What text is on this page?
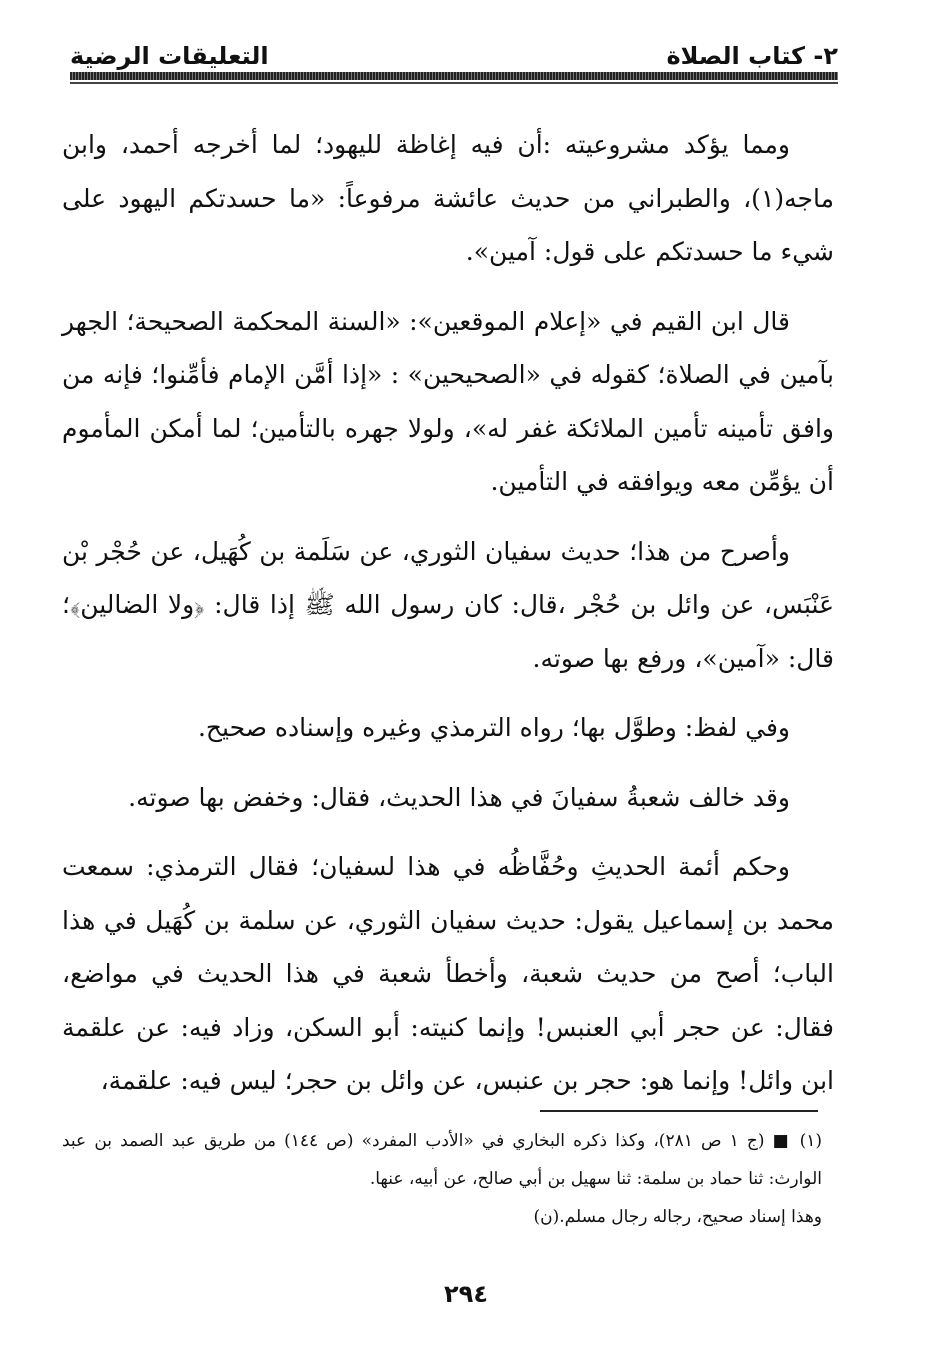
٢- كتاب الصلاة
التعليقات الرضية

ومما يؤكد مشروعيته :أن فيه إغاظة لليهود؛ لما أخرجه أحمد، وابن ماجه(١)، والطبراني من حديث عائشة مرفوعاً: «ما حسدتكم اليهود على شيء ما حسدتكم على قول: آمين».

قال ابن القيم في «إعلام الموقعين»: «السنة المحكمة الصحيحة؛ الجهر بآمين في الصلاة؛ كقوله في «الصحيحين» : «إذا أمَّن الإمام فأمِّنوا؛ فإنه من وافق تأمينه تأمين الملائكة غفر له»، ولولا جهره بالتأمين؛ لما أمكن المأموم أن يؤمِّن معه ويوافقه في التأمين.

وأصرح من هذا؛ حديث سفيان الثوري، عن سَلَمة بن كُهَيل، عن حُجْر بْن عَنْبَس، عن وائل بن حُجْر ،قال: كان رسول الله ﷺ إذا قال: ﴿ولا الضالين﴾؛ قال: «آمين»، ورفع بها صوته.

وفي لفظ: وطوَّل بها؛ رواه الترمذي وغيره وإسناده صحيح.

وقد خالف شعبةُ سفيانَ في هذا الحديث، فقال: وخفض بها صوته.

وحكم أئمة الحديثِ وحُفَّاظُه في هذا لسفيان؛ فقال الترمذي: سمعت محمد بن إسماعيل يقول: حديث سفيان الثوري، عن سلمة بن كُهَيل في هذا الباب؛ أصح من حديث شعبة، وأخطأ شعبة في هذا الحديث في مواضع، فقال: عن حجر أبي العنبس! وإنما كنيته: أبو السكن، وزاد فيه: عن علقمة ابن وائل! وإنما هو: حجر بن عنبس، عن وائل بن حجر؛ ليس فيه: علقمة،

(١) ■ (ج ١ ص ٢٨١)، وكذا ذكره البخاري في «الأدب المفرد» (ص ١٤٤) من طريق عبد الصمد بن عبد الوارث: ثنا حماد بن سلمة: ثنا سهيل بن أبي صالح، عن أبيه، عنها.

وهذا إسناد صحيح، رجاله رجال مسلم.(ن)

٢٩٤
